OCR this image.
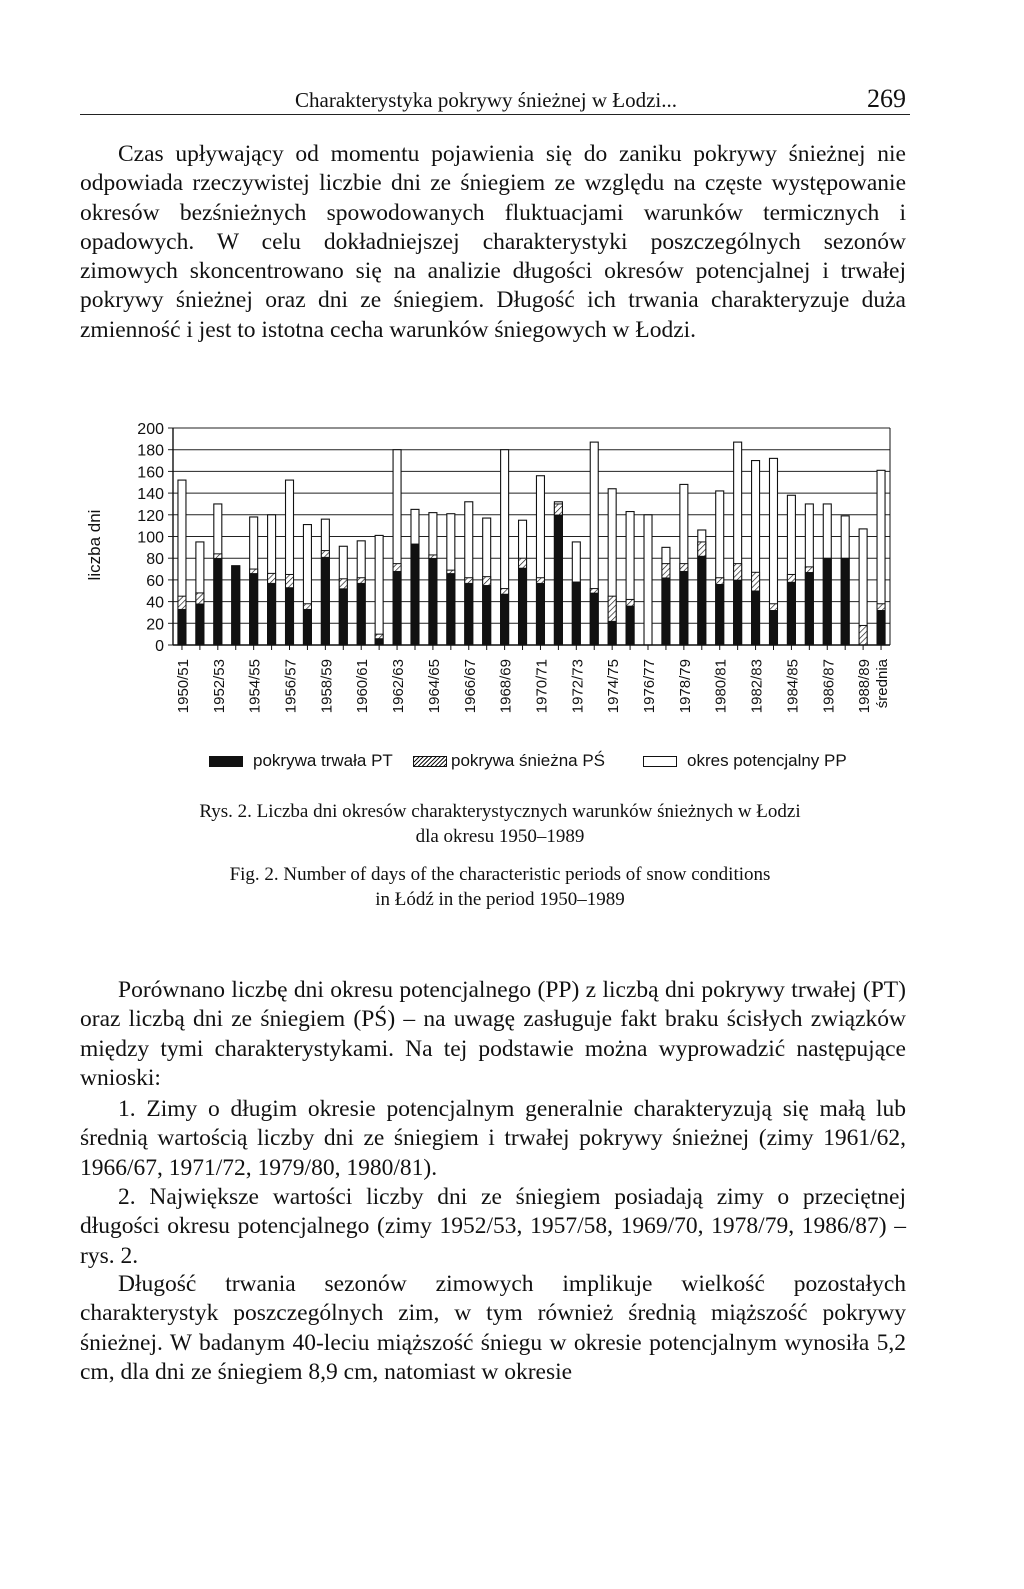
Charakterystyka pokrywy śnieżnej w Łodzi...	269

Czas upływający od momentu pojawienia się do zaniku pokrywy śnieżnej nie odpowiada rzeczywistej liczbie dni ze śniegiem ze względu na częste występowanie okresów bezśnieżnych spowodowanych fluktuacjami warunków termicznych i opadowych. W celu dokładniejszej charakterystyki poszczególnych sezonów zimowych skoncentrowano się na analizie długości okresów potencjalnej i trwałej pokrywy śnieżnej oraz dni ze śniegiem. Długość ich trwania charakteryzuje duża zmienność i jest to istotna cecha warunków śniegowych w Łodzi.

0
20
40
60
80
100
120
140
160
180
200
1950/51 1952/53 1954/55 1956/57 1958/59 1960/61 1962/63 1964/65 1966/67 1968/69 1970/71 1972/73 1974/75 1976/77 1978/79 1980/81 1982/83 1984/85 1986/87 1988/89 średnia
liczba dni
pokrywa trwała PT	pokrywa śnieżna PŚ	okres potencjalny PP
Rys. 2. Liczba dni okresów charakterystycznych warunków śnieżnych w Łodzi
dla okresu 1950–1989
Fig. 2. Number of days of the characteristic periods of snow conditions
in Łódź in the period 1950–1989

Porównano liczbę dni okresu potencjalnego (PP) z liczbą dni pokrywy trwałej (PT) oraz liczbą dni ze śniegiem (PŚ) – na uwagę zasługuje fakt braku ścisłych związków między tymi charakterystykami. Na tej podstawie można wyprowadzić następujące wnioski:

1. Zimy o długim okresie potencjalnym generalnie charakteryzują się małą lub średnią wartością liczby dni ze śniegiem i trwałej pokrywy śnieżnej (zimy 1961/62, 1966/67, 1971/72, 1979/80, 1980/81).

2. Największe wartości liczby dni ze śniegiem posiadają zimy o przeciętnej długości okresu potencjalnego (zimy 1952/53, 1957/58, 1969/70, 1978/79, 1986/87) – rys. 2.

Długość trwania sezonów zimowych implikuje wielkość pozostałych charakterystyk poszczególnych zim, w tym również średnią miąższość pokrywy śnieżnej. W badanym 40-leciu miąższość śniegu w okresie potencjalnym wynosiła 5,2 cm, dla dni ze śniegiem 8,9 cm, natomiast w okresie
